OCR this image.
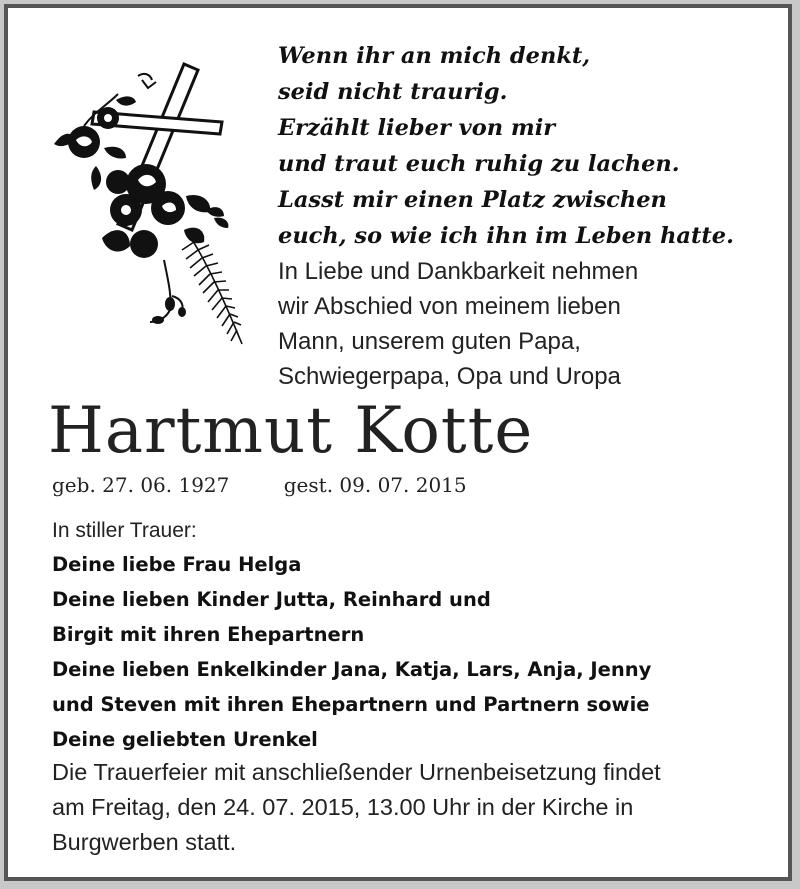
Wenn ihr an mich denkt,
seid nicht traurig.
Erzählt lieber von mir
und traut euch ruhig zu lachen.
Lasst mir einen Platz zwischen
euch, so wie ich ihn im Leben hatte.
In Liebe und Dankbarkeit nehmen
wir Abschied von meinem lieben
Mann, unserem guten Papa,
Schwiegerpapa, Opa und Uropa
Hartmut Kotte
geb. 27. 06. 1927	gest. 09. 07. 2015
In stiller Trauer:
Deine liebe Frau Helga
Deine lieben Kinder Jutta, Reinhard und
Birgit mit ihren Ehepartnern
Deine lieben Enkelkinder Jana, Katja, Lars, Anja, Jenny
und Steven mit ihren Ehepartnern und Partnern sowie
Deine geliebten Urenkel
Die Trauerfeier mit anschließender Urnenbeisetzung findet
am Freitag, den 24. 07. 2015, 13.00 Uhr in der Kirche in
Burgwerben statt.
